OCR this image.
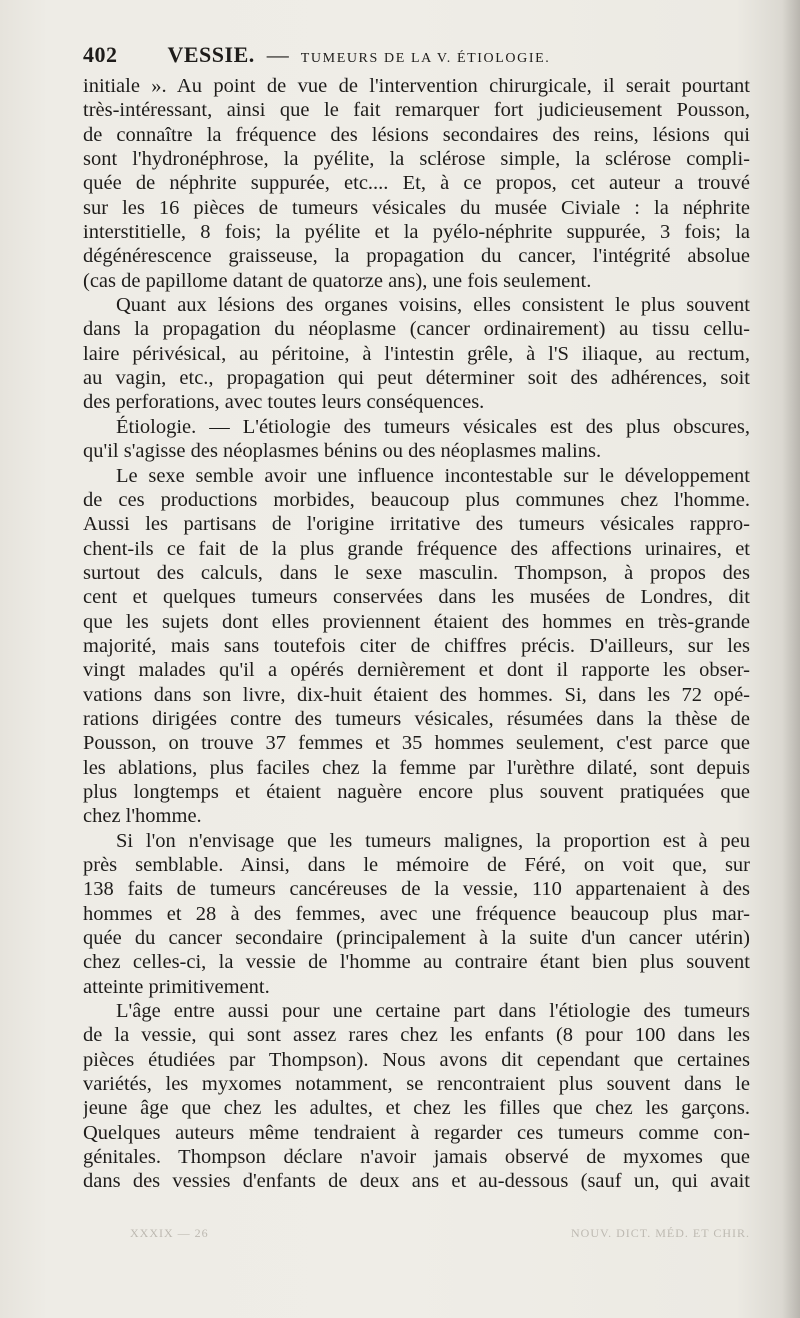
402 VESSIE. — TUMEURS DE LA V. ÉTIOLOGIE.
initiale ». Au point de vue de l'intervention chirurgicale, il serait pourtant
très-intéressant, ainsi que le fait remarquer fort judicieusement Pousson,
de connaître la fréquence des lésions secondaires des reins, lésions qui
sont l'hydronéphrose, la pyélite, la sclérose simple, la sclérose compli-
quée de néphrite suppurée, etc.... Et, à ce propos, cet auteur a trouvé
sur les 16 pièces de tumeurs vésicales du musée Civiale : la néphrite
interstitielle, 8 fois; la pyélite et la pyélo-néphrite suppurée, 3 fois; la
dégénérescence graisseuse, la propagation du cancer, l'intégrité absolue
(cas de papillome datant de quatorze ans), une fois seulement.
Quant aux lésions des organes voisins, elles consistent le plus souvent
dans la propagation du néoplasme (cancer ordinairement) au tissu cellu-
laire périvésical, au péritoine, à l'intestin grêle, à l'S iliaque, au rectum,
au vagin, etc., propagation qui peut déterminer soit des adhérences, soit
des perforations, avec toutes leurs conséquences.
Étiologie. — L'étiologie des tumeurs vésicales est des plus obscures,
qu'il s'agisse des néoplasmes bénins ou des néoplasmes malins.
Le sexe semble avoir une influence incontestable sur le développement
de ces productions morbides, beaucoup plus communes chez l'homme.
Aussi les partisans de l'origine irritative des tumeurs vésicales rappro-
chent-ils ce fait de la plus grande fréquence des affections urinaires, et
surtout des calculs, dans le sexe masculin. Thompson, à propos des
cent et quelques tumeurs conservées dans les musées de Londres, dit
que les sujets dont elles proviennent étaient des hommes en très-grande
majorité, mais sans toutefois citer de chiffres précis. D'ailleurs, sur les
vingt malades qu'il a opérés dernièrement et dont il rapporte les obser-
vations dans son livre, dix-huit étaient des hommes. Si, dans les 72 opé-
rations dirigées contre des tumeurs vésicales, résumées dans la thèse de
Pousson, on trouve 37 femmes et 35 hommes seulement, c'est parce que
les ablations, plus faciles chez la femme par l'urèthre dilaté, sont depuis
plus longtemps et étaient naguère encore plus souvent pratiquées que
chez l'homme.
Si l'on n'envisage que les tumeurs malignes, la proportion est à peu
près semblable. Ainsi, dans le mémoire de Féré, on voit que, sur
138 faits de tumeurs cancéreuses de la vessie, 110 appartenaient à des
hommes et 28 à des femmes, avec une fréquence beaucoup plus mar-
quée du cancer secondaire (principalement à la suite d'un cancer utérin)
chez celles-ci, la vessie de l'homme au contraire étant bien plus souvent
atteinte primitivement.
L'âge entre aussi pour une certaine part dans l'étiologie des tumeurs
de la vessie, qui sont assez rares chez les enfants (8 pour 100 dans les
pièces étudiées par Thompson). Nous avons dit cependant que certaines
variétés, les myxomes notamment, se rencontraient plus souvent dans le
jeune âge que chez les adultes, et chez les filles que chez les garçons.
Quelques auteurs même tendraient à regarder ces tumeurs comme con-
génitales. Thompson déclare n'avoir jamais observé de myxomes que
dans des vessies d'enfants de deux ans et au-dessous (sauf un, qui avait
XXXIX — 26	NOUV. DICT. MÉD. ET CHIR.
